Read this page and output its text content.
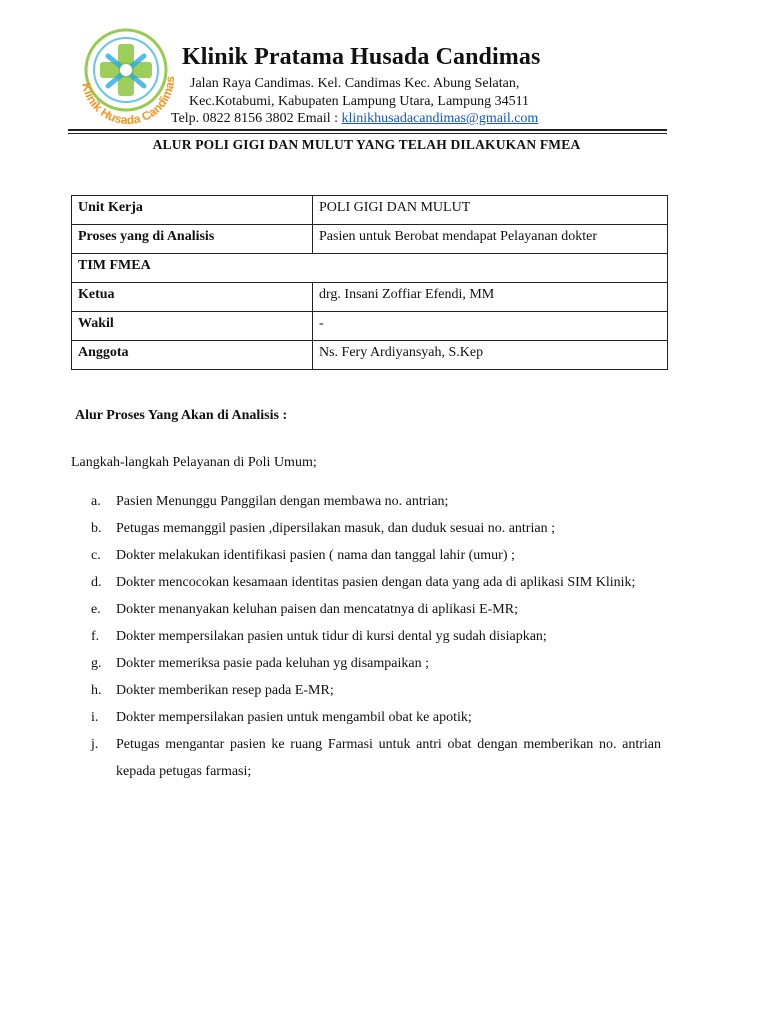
Klinik Husada Candimas
Klinik Pratama Husada Candimas
Jalan Raya Candimas. Kel. Candimas Kec. Abung Selatan,
Kec.Kotabumi, Kabupaten Lampung Utara, Lampung 34511
Telp. 0822 8156 3802 Email : klinikhusadacandimas@gmail.com
ALUR POLI GIGI DAN MULUT YANG TELAH DILAKUKAN FMEA
Unit Kerja	POLI GIGI DAN MULUT
Proses yang di Analisis	Pasien untuk Berobat mendapat Pelayanan dokter
TIM FMEA	
Ketua	drg. Insani Zoffiar Efendi, MM
Wakil	-
Anggota	Ns. Fery Ardiyansyah, S.Kep
Alur Proses Yang Akan di Analisis :
Langkah-langkah Pelayanan di Poli Umum;
a. Pasien Menunggu Panggilan dengan membawa no. antrian;
b. Petugas memanggil pasien ,dipersilakan masuk, dan duduk sesuai no. antrian ;
c. Dokter melakukan identifikasi pasien ( nama dan tanggal lahir (umur) ;
d. Dokter mencocokan kesamaan identitas pasien dengan data yang ada di aplikasi SIM Klinik;
e. Dokter menanyakan keluhan paisen dan mencatatnya di aplikasi E-MR;
f. Dokter mempersilakan pasien untuk tidur di kursi dental yg sudah disiapkan;
g. Dokter memeriksa pasie pada keluhan yg disampaikan ;
h. Dokter memberikan resep pada E-MR;
i. Dokter mempersilakan pasien untuk mengambil obat ke apotik;
j. Petugas mengantar pasien ke ruang Farmasi untuk antri obat dengan memberikan no. antrian kepada petugas farmasi;
